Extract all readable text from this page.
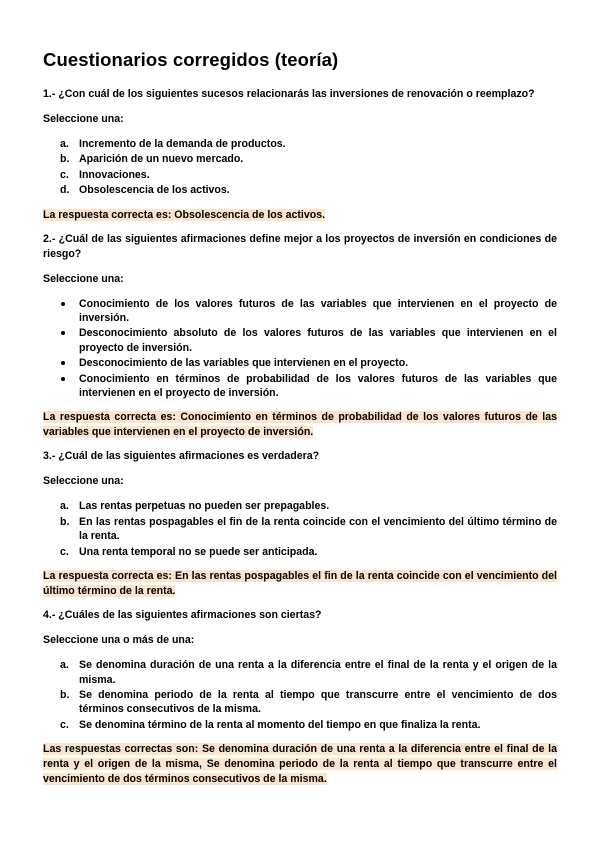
Cuestionarios corregidos (teoría)

1.- ¿Con cuál de los siguientes sucesos relacionarás las inversiones de renovación o reemplazo?

Seleccione una:

a. Incremento de la demanda de productos.
b. Aparición de un nuevo mercado.
c. Innovaciones.
d. Obsolescencia de los activos.

La respuesta correcta es: Obsolescencia de los activos.

2.- ¿Cuál de las siguientes afirmaciones define mejor a los proyectos de inversión en condiciones de riesgo?

Seleccione una:

Conocimiento de los valores futuros de las variables que intervienen en el proyecto de inversión.
Desconocimiento absoluto de los valores futuros de las variables que intervienen en el proyecto de inversión.
Desconocimiento de las variables que intervienen en el proyecto.
Conocimiento en términos de probabilidad de los valores futuros de las variables que intervienen en el proyecto de inversión.

La respuesta correcta es: Conocimiento en términos de probabilidad de los valores futuros de las variables que intervienen en el proyecto de inversión.

3.- ¿Cuál de las siguientes afirmaciones es verdadera?

Seleccione una:

a. Las rentas perpetuas no pueden ser prepagables.
b. En las rentas pospagables el fin de la renta coincide con el vencimiento del último término de la renta.
c. Una renta temporal no se puede ser anticipada.

La respuesta correcta es: En las rentas pospagables el fin de la renta coincide con el vencimiento del último término de la renta.

4.- ¿Cuáles de las siguientes afirmaciones son ciertas?

Seleccione una o más de una:

a. Se denomina duración de una renta a la diferencia entre el final de la renta y el origen de la misma.
b. Se denomina periodo de la renta al tiempo que transcurre entre el vencimiento de dos términos consecutivos de la misma.
c. Se denomina término de la renta al momento del tiempo en que finaliza la renta.

Las respuestas correctas son: Se denomina duración de una renta a la diferencia entre el final de la renta y el origen de la misma, Se denomina periodo de la renta al tiempo que transcurre entre el vencimiento de dos términos consecutivos de la misma.
